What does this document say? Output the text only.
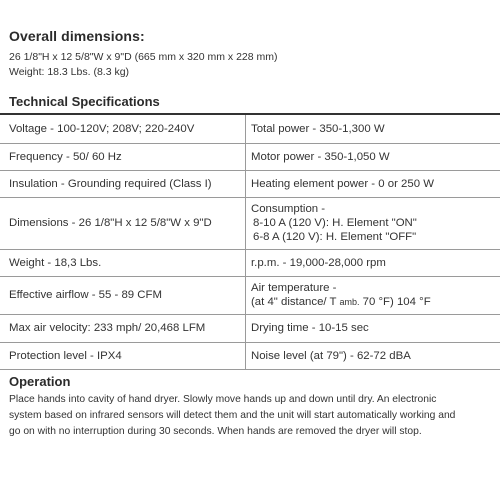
Overall dimensions:
26 1/8"H x 12 5/8"W x 9"D (665 mm x 320 mm x 228 mm)
Weight: 18.3 Lbs. (8.3 kg)
Technical Specifications
Voltage - 100-120V; 208V; 220-240V	Total power - 350-1,300 W
Frequency - 50/ 60 Hz	Motor power - 350-1,050 W
Insulation - Grounding required (Class I)	Heating element power - 0 or 250 W
Dimensions - 26 1/8"H x 12 5/8"W x 9"D	Consumption -
8-10 A (120 V): H. Element "ON"
6-8 A (120 V): H. Element "OFF"

Weight - 18,3 Lbs.	r.p.m. - 19,000-28,000 rpm
Effective airflow - 55 - 89 CFM	Air temperature -
(at 4" distance/ T amb. 70 °F) 104 °F

Max air velocity: 233 mph/ 20,468 LFM	Drying time - 10-15 sec
Protection level - IPX4	Noise level (at 79") - 62-72 dBA
Operation
Place hands into cavity of hand dryer. Slowly move hands up and down until dry. An electronic
system based on infrared sensors will detect them and the unit will start automatically working and
go on with no interruption during 30 seconds. When hands are removed the dryer will stop.
